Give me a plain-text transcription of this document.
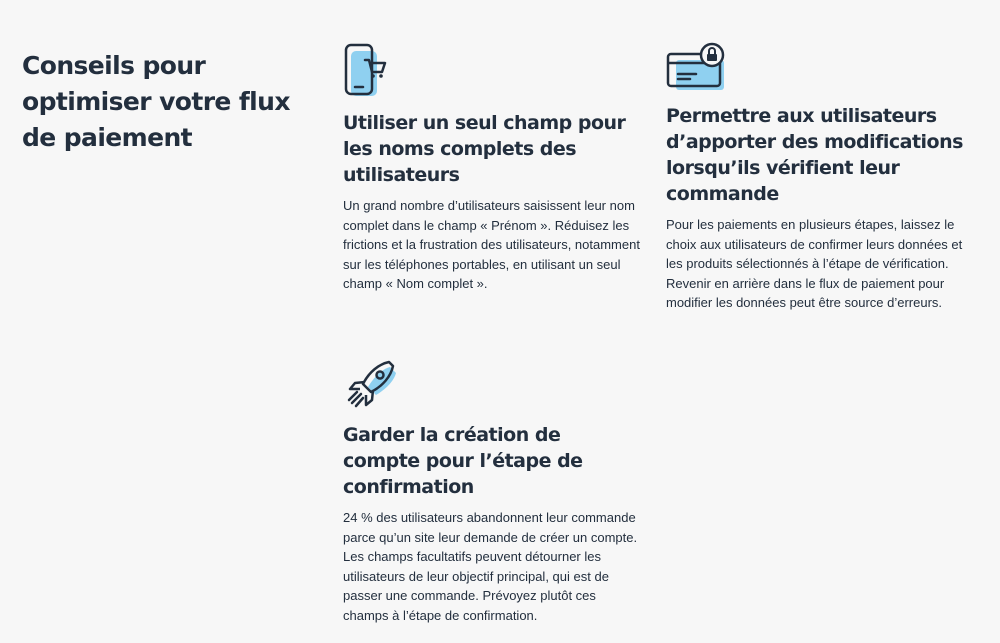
Conseils pour optimiser votre flux de paiement	Utiliser un seul champ pour les noms complets des utilisateurs

Un grand nombre d’utilisateurs saisissent leur nom complet dans le champ « Prénom ». Réduisez les frictions et la frustration des utilisateurs, notamment sur les téléphones portables, en utilisant un seul champ « Nom complet ».

Permettre aux utilisateurs d’apporter des modifications lorsqu’ils vérifient leur commande

Pour les paiements en plusieurs étapes, laissez le choix aux utilisateurs de confirmer leurs données et les produits sélectionnés à l’étape de vérification. Revenir en arrière dans le flux de paiement pour modifier les données peut être source d’erreurs.

Garder la création de compte pour l’étape de confirmation

24 % des utilisateurs abandonnent leur commande parce qu’un site leur demande de créer un compte. Les champs facultatifs peuvent détourner les utilisateurs de leur objectif principal, qui est de passer une commande. Prévoyez plutôt ces champs à l’étape de confirmation.
